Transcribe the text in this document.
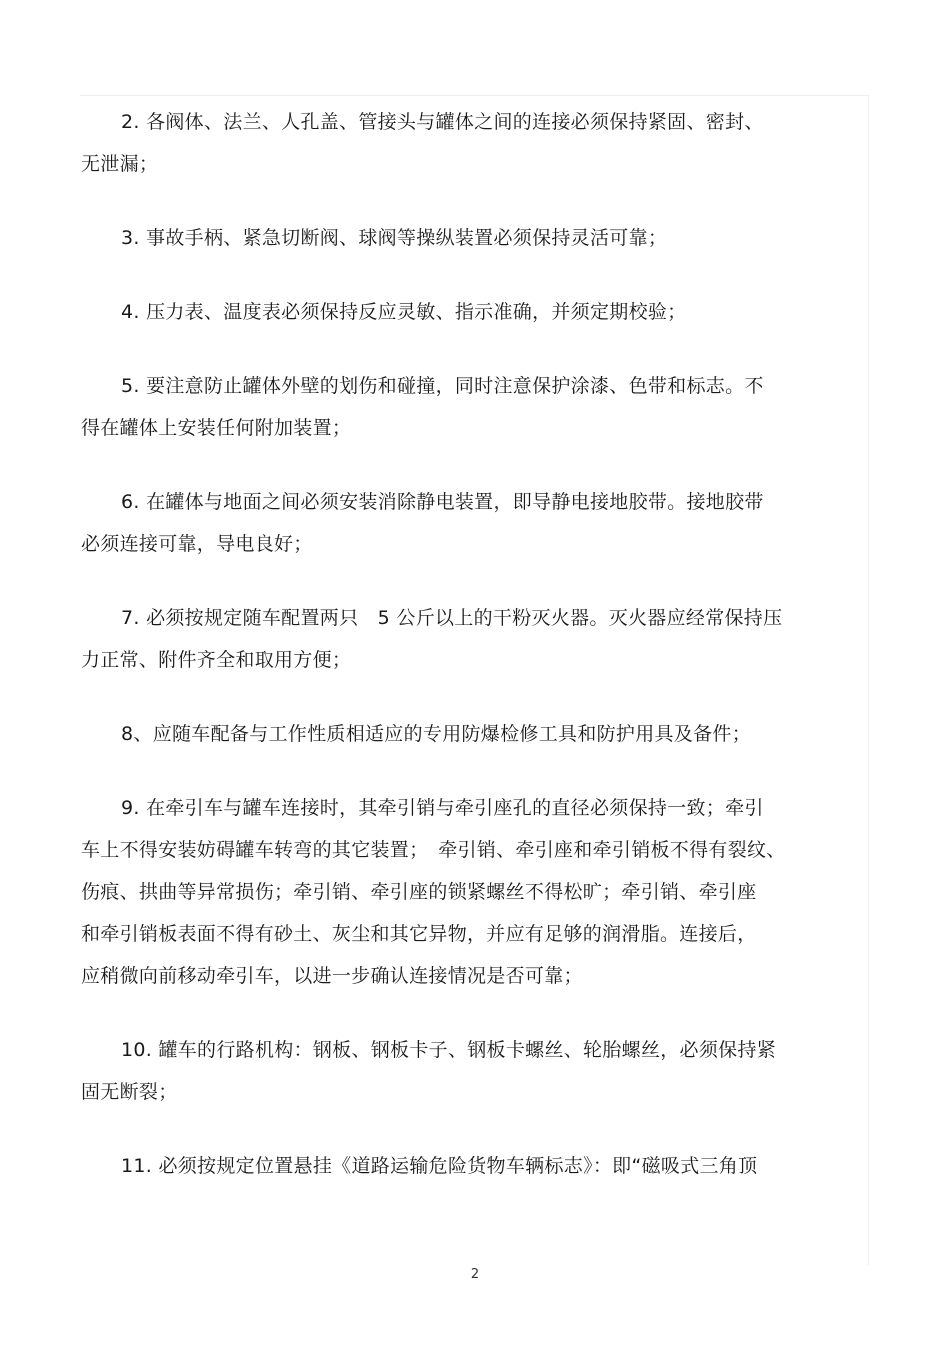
2. 各阀体、法兰、人孔盖、管接头与罐体之间的连接必须保持紧固、密封、
无泄漏；

3. 事故手柄、紧急切断阀、球阀等操纵装置必须保持灵活可靠；

4. 压力表、温度表必须保持反应灵敏、指示准确，并须定期校验；

5. 要注意防止罐体外壁的划伤和碰撞，同时注意保护涂漆、色带和标志。不
得在罐体上安装任何附加装置；

6. 在罐体与地面之间必须安装消除静电装置，即导静电接地胶带。接地胶带
必须连接可靠，导电良好；

7. 必须按规定随车配置两只　5 公斤以上的干粉灭火器。灭火器应经常保持压
力正常、附件齐全和取用方便；

8、应随车配备与工作性质相适应的专用防爆检修工具和防护用具及备件；

9. 在牵引车与罐车连接时，其牵引销与牵引座孔的直径必须保持一致；牵引
车上不得安装妨碍罐车转弯的其它装置；　牵引销、牵引座和牵引销板不得有裂纹、
伤痕、拱曲等异常损伤；牵引销、牵引座的锁紧螺丝不得松旷；牵引销、牵引座
和牵引销板表面不得有砂土、灰尘和其它异物，并应有足够的润滑脂。连接后，
应稍微向前移动牵引车，以进一步确认连接情况是否可靠；

10. 罐车的行路机构：钢板、钢板卡子、钢板卡螺丝、轮胎螺丝，必须保持紧
固无断裂；

11. 必须按规定位置悬挂《道路运输危险货物车辆标志》：即“磁吸式三角顶

2
